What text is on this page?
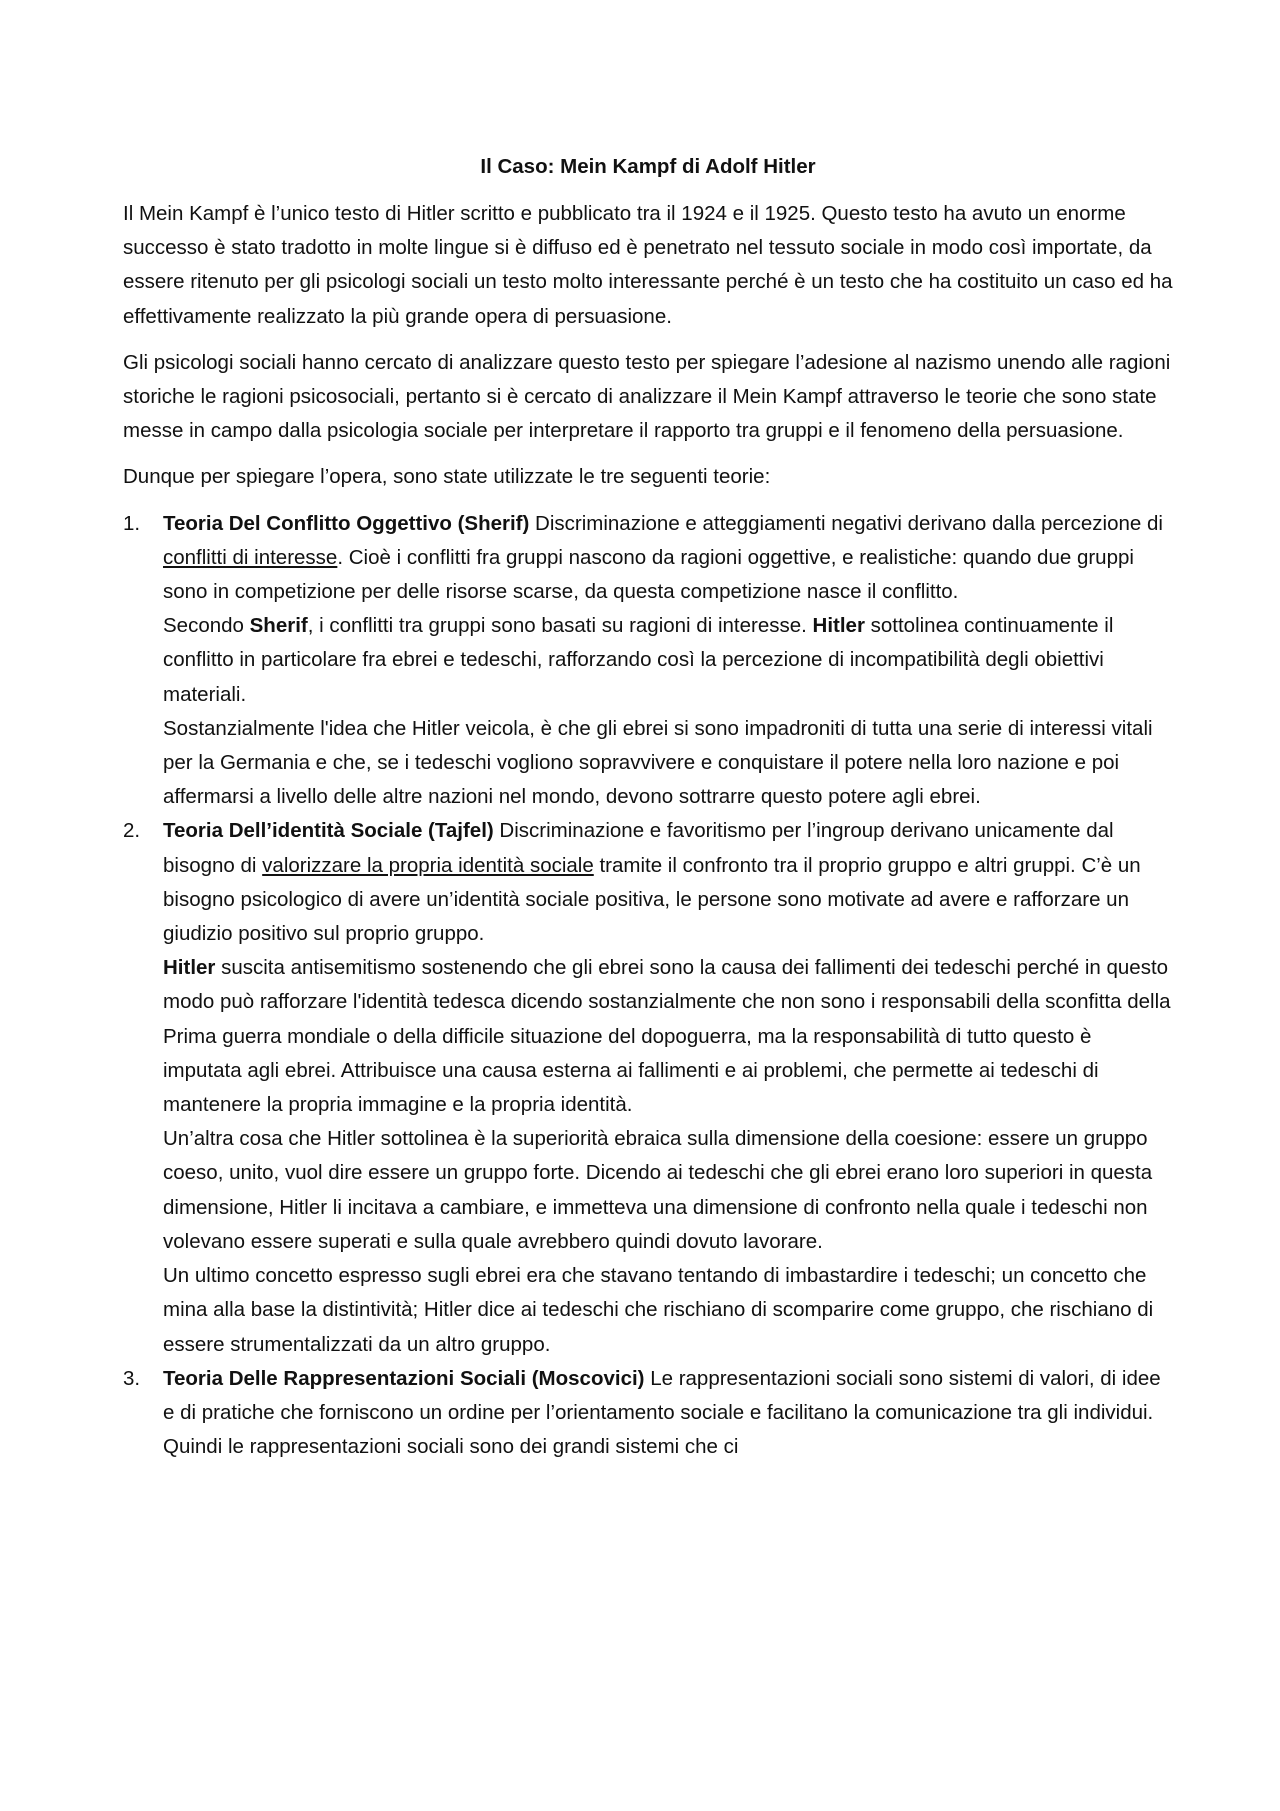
Il Caso: Mein Kampf di Adolf Hitler

Il Mein Kampf è l’unico testo di Hitler scritto e pubblicato tra il 1924 e il 1925. Questo testo ha avuto un enorme successo è stato tradotto in molte lingue si è diffuso ed è penetrato nel tessuto sociale in modo così importate, da essere ritenuto per gli psicologi sociali un testo molto interessante perché è un testo che ha costituito un caso ed ha effettivamente realizzato la più grande opera di persuasione.

Gli psicologi sociali hanno cercato di analizzare questo testo per spiegare l’adesione al nazismo unendo alle ragioni storiche le ragioni psicosociali, pertanto si è cercato di analizzare il Mein Kampf attraverso le teorie che sono state messe in campo dalla psicologia sociale per interpretare il rapporto tra gruppi e il fenomeno della persuasione.

Dunque per spiegare l’opera, sono state utilizzate le tre seguenti teorie:

1. Teoria Del Conflitto Oggettivo (Sherif) Discriminazione e atteggiamenti negativi derivano dalla percezione di conflitti di interesse. Cioè i conflitti fra gruppi nascono da ragioni oggettive, e realistiche: quando due gruppi sono in competizione per delle risorse scarse, da questa competizione nasce il conflitto.
Secondo Sherif, i conflitti tra gruppi sono basati su ragioni di interesse. Hitler sottolinea continuamente il conflitto in particolare fra ebrei e tedeschi, rafforzando così la percezione di incompatibilità degli obiettivi materiali.
Sostanzialmente l'idea che Hitler veicola, è che gli ebrei si sono impadroniti di tutta una serie di interessi vitali per la Germania e che, se i tedeschi vogliono sopravvivere e conquistare il potere nella loro nazione e poi affermarsi a livello delle altre nazioni nel mondo, devono sottrarre questo potere agli ebrei.
2. Teoria Dell’identità Sociale (Tajfel) Discriminazione e favoritismo per l’ingroup derivano unicamente dal bisogno di valorizzare la propria identità sociale tramite il confronto tra il proprio gruppo e altri gruppi. C’è un bisogno psicologico di avere un’identità sociale positiva, le persone sono motivate ad avere e rafforzare un giudizio positivo sul proprio gruppo.
Hitler suscita antisemitismo sostenendo che gli ebrei sono la causa dei fallimenti dei tedeschi perché in questo modo può rafforzare l'identità tedesca dicendo sostanzialmente che non sono i responsabili della sconfitta della Prima guerra mondiale o della difficile situazione del dopoguerra, ma la responsabilità di tutto questo è imputata agli ebrei. Attribuisce una causa esterna ai fallimenti e ai problemi, che permette ai tedeschi di mantenere la propria immagine e la propria identità.
Un’altra cosa che Hitler sottolinea è la superiorità ebraica sulla dimensione della coesione: essere un gruppo coeso, unito, vuol dire essere un gruppo forte. Dicendo ai tedeschi che gli ebrei erano loro superiori in questa dimensione, Hitler li incitava a cambiare, e immetteva una dimensione di confronto nella quale i tedeschi non volevano essere superati e sulla quale avrebbero quindi dovuto lavorare.
Un ultimo concetto espresso sugli ebrei era che stavano tentando di imbastardire i tedeschi; un concetto che mina alla base la distintività; Hitler dice ai tedeschi che rischiano di scomparire come gruppo, che rischiano di essere strumentalizzati da un altro gruppo.
3. Teoria Delle Rappresentazioni Sociali (Moscovici) Le rappresentazioni sociali sono sistemi di valori, di idee e di pratiche che forniscono un ordine per l’orientamento sociale e facilitano la comunicazione tra gli individui. Quindi le rappresentazioni sociali sono dei grandi sistemi che ci
